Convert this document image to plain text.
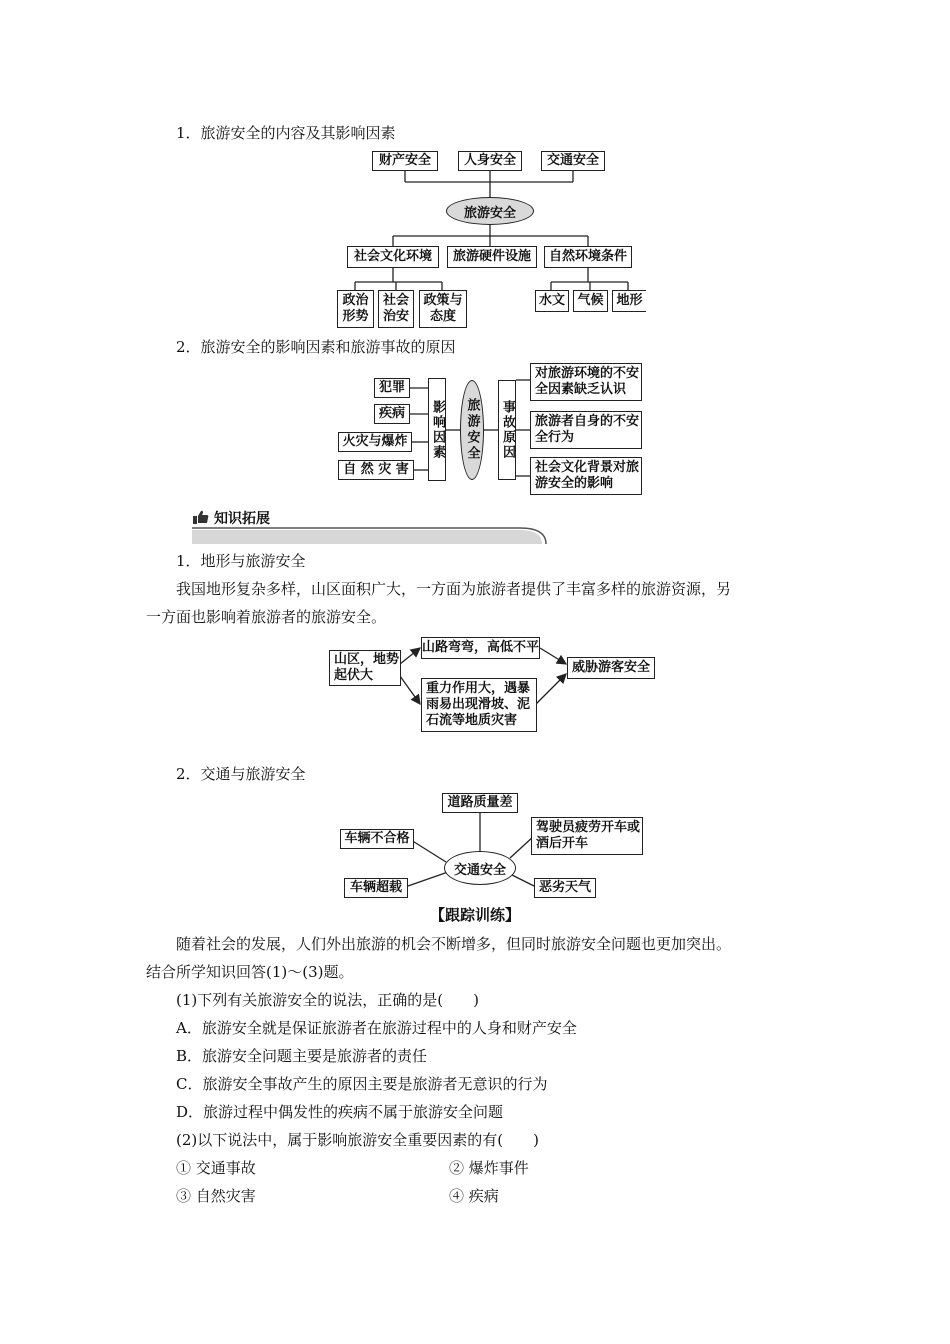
1．旅游安全的内容及其影响因素
财产安全	人身安全	交通安全
旅游安全
社会文化环境	旅游硬件设施	自然环境条件
政治形势
社会治安
政策与态度
水文 气候 地形
2．旅游安全的影响因素和旅游事故的原因
犯罪
疾病
火灾与爆炸
自 然 灾 害
影响因素	旅游安全	事故原因
对旅游环境的不安全因素缺乏认识
旅游者自身的不安全行为
社会文化背景对旅游安全的影响
知识拓展
1．地形与旅游安全
我国地形复杂多样，山区面积广大，一方面为旅游者提供了丰富多样的旅游资源，另
一方面也影响着旅游者的旅游安全。
山区，地势起伏大
山路弯弯，高低不平
重力作用大，遇暴雨易出现滑坡、泥石流等地质灾害
威胁游客安全
2．交通与旅游安全
道路质量差
车辆不合格
驾驶员疲劳开车或酒后开车
交通安全
车辆超载	恶劣天气
【跟踪训练】
随着社会的发展，人们外出旅游的机会不断增多，但同时旅游安全问题也更加突出。
结合所学知识回答(1)～(3)题。
(1)下列有关旅游安全的说法，正确的是(　　)
A．旅游安全就是保证旅游者在旅游过程中的人身和财产安全
B．旅游安全问题主要是旅游者的责任
C．旅游安全事故产生的原因主要是旅游者无意识的行为
D．旅游过程中偶发性的疾病不属于旅游安全问题
(2)以下说法中，属于影响旅游安全重要因素的有(　　)
① 交通事故	② 爆炸事件
③ 自然灾害	④ 疾病
